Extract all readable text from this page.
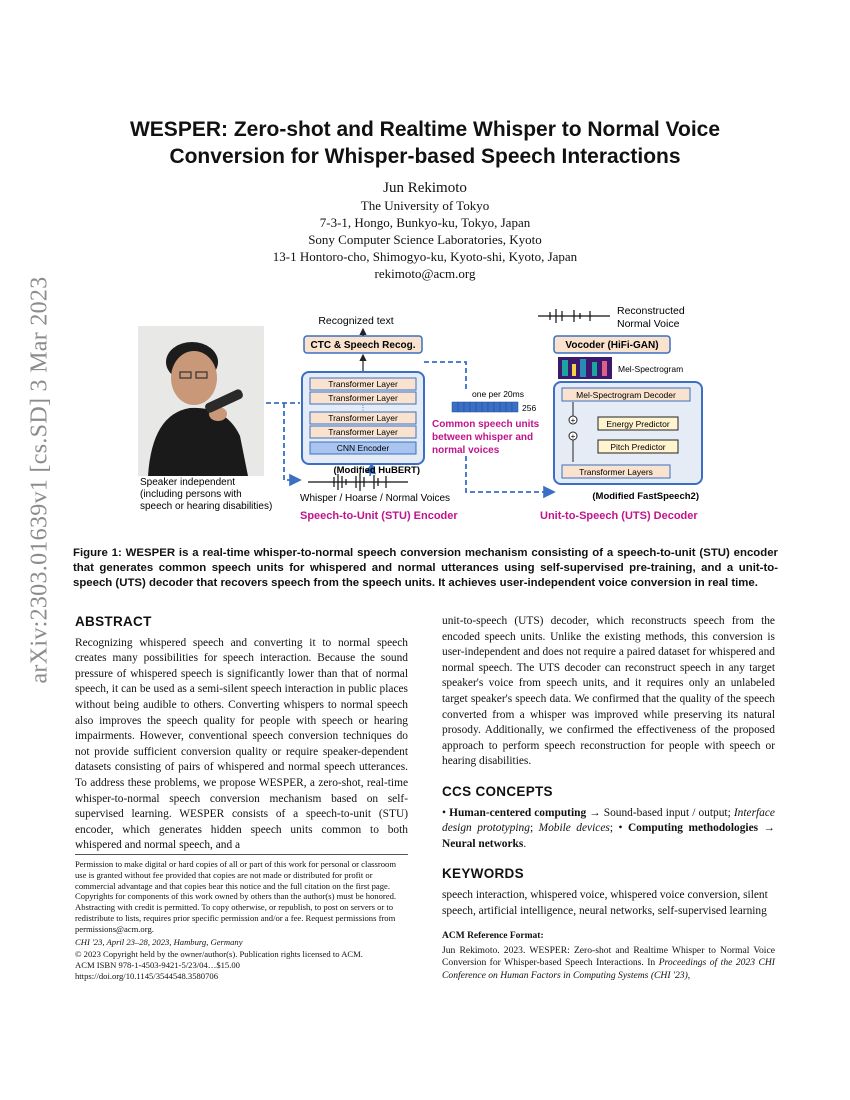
arXiv:2303.01639v1 [cs.SD] 3 Mar 2023
WESPER: Zero-shot and Realtime Whisper to Normal Voice Conversion for Whisper-based Speech Interactions
Jun Rekimoto
The University of Tokyo
7-3-1, Hongo, Bunkyo-ku, Tokyo, Japan
Sony Computer Science Laboratories, Kyoto
13-1 Hontoro-cho, Shimogyo-ku, Kyoto-shi, Kyoto, Japan
rekimoto@acm.org
Speaker independent
(including persons with
speech or hearing disabilities)
Recognized text
CTC & Speech Recog.
Transformer Layer
Transformer Layer
⋮
Transformer Layer
Transformer Layer
CNN Encoder
(Modified HuBERT)
Whisper / Hoarse / Normal Voices
Speech-to-Unit (STU) Encoder
one per 20ms
256
Common speech units
between whisper and
normal voices
Reconstructed
Normal Voice
Vocoder (HiFi-GAN)
Mel-Spectrogram
Mel-Spectrogram Decoder
Energy Predictor
Pitch Predictor
+
+
Transformer Layers
(Modified FastSpeech2)
Unit-to-Speech (UTS) Decoder
Figure 1: WESPER is a real-time whisper-to-normal speech conversion mechanism consisting of a speech-to-unit (STU) encoder that generates common speech units for whispered and normal utterances using self-supervised pre-training, and a unit-to-speech (UTS) decoder that recovers speech from the speech units. It achieves user-independent voice conversion in real time.
ABSTRACT

Recognizing whispered speech and converting it to normal speech creates many possibilities for speech interaction. Because the sound pressure of whispered speech is significantly lower than that of normal speech, it can be used as a semi-silent speech interaction in public places without being audible to others. Converting whispers to normal speech also improves the speech quality for people with speech or hearing impairments. However, conventional speech conversion techniques do not provide sufficient conversion quality or require speaker-dependent datasets consisting of pairs of whispered and normal speech utterances. To address these problems, we propose WESPER, a zero-shot, real-time whisper-to-normal speech conversion mechanism based on self-supervised learning. WESPER consists of a speech-to-unit (STU) encoder, which generates hidden speech units common to both whispered and normal speech, and a

Permission to make digital or hard copies of all or part of this work for personal or classroom use is granted without fee provided that copies are not made or distributed for profit or commercial advantage and that copies bear this notice and the full citation on the first page. Copyrights for components of this work owned by others than the author(s) must be honored. Abstracting with credit is permitted. To copy otherwise, or republish, to post on servers or to redistribute to lists, requires prior specific permission and/or a fee. Request permissions from permissions@acm.org.

CHI '23, April 23–28, 2023, Hamburg, Germany

© 2023 Copyright held by the owner/author(s). Publication rights licensed to ACM.

ACM ISBN 978-1-4503-9421-5/23/04…$15.00

https://doi.org/10.1145/3544548.3580706

unit-to-speech (UTS) decoder, which reconstructs speech from the encoded speech units. Unlike the existing methods, this conversion is user-independent and does not require a paired dataset for whispered and normal speech. The UTS decoder can reconstruct speech in any target speaker's voice from speech units, and it requires only an unlabeled target speaker's speech data. We confirmed that the quality of the speech converted from a whisper was improved while preserving its natural prosody. Additionally, we confirmed the effectiveness of the proposed approach to perform speech reconstruction for people with speech or hearing disabilities.

CCS CONCEPTS

• Human-centered computing → Sound-based input / output; Interface design prototyping; Mobile devices; • Computing methodologies → Neural networks.

KEYWORDS

speech interaction, whispered voice, whispered voice conversion, silent speech, artificial intelligence, neural networks, self-supervised learning

ACM Reference Format:
Jun Rekimoto. 2023. WESPER: Zero-shot and Realtime Whisper to Normal Voice Conversion for Whisper-based Speech Interactions. In Proceedings of the 2023 CHI Conference on Human Factors in Computing Systems (CHI '23),
